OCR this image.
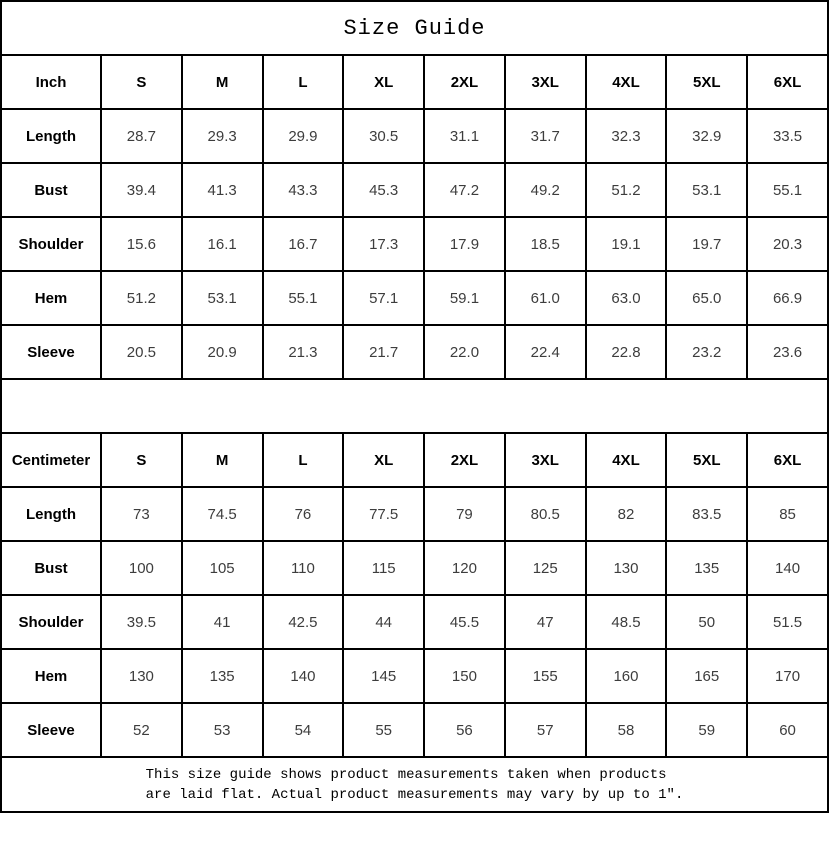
Size Guide									
Inch	S	M	L	XL	2XL	3XL	4XL	5XL	6XL
Length	28.7	29.3	29.9	30.5	31.1	31.7	32.3	32.9	33.5
Bust	39.4	41.3	43.3	45.3	47.2	49.2	51.2	53.1	55.1
Shoulder	15.6	16.1	16.7	17.3	17.9	18.5	19.1	19.7	20.3
Hem	51.2	53.1	55.1	57.1	59.1	61.0	63.0	65.0	66.9
Sleeve	20.5	20.9	21.3	21.7	22.0	22.4	22.8	23.2	23.6

Centimeter	S	M	L	XL	2XL	3XL	4XL	5XL	6XL
Length	73	74.5	76	77.5	79	80.5	82	83.5	85
Bust	100	105	110	115	120	125	130	135	140
Shoulder	39.5	41	42.5	44	45.5	47	48.5	50	51.5
Hem	130	135	140	145	150	155	160	165	170
Sleeve	52	53	54	55	56	57	58	59	60
This size guide shows product measurements taken when products
are laid flat. Actual product measurements may vary by up to 1″.									
